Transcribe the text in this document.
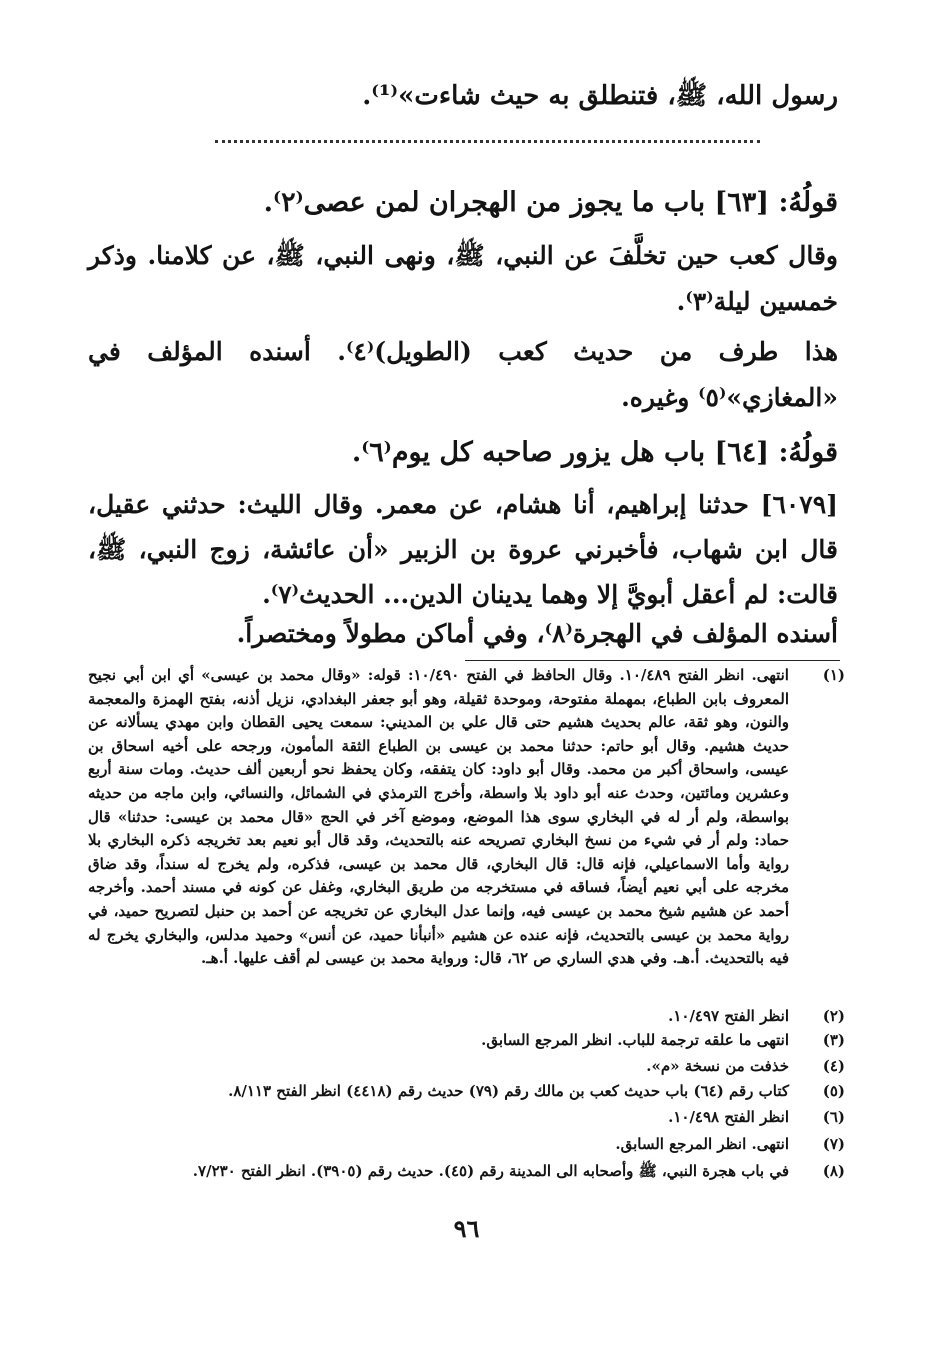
رسول الله، ﷺ، فتنطلق به حيث شاءت»⁽¹⁾.
قولُهُ: [٦٣] باب ما يجوز من الهجران لمن عصى⁽٢⁾.
وقال كعب حين تخلَّفَ عن النبي، ﷺ، ونهى النبي، ﷺ، عن كلامنا. وذكر خمسين ليلة⁽٣⁾.
هذا طرف من حديث كعب (الطويل)⁽٤⁾. أسنده المؤلف في «المغازي»⁽٥⁾ وغيره.
قولُهُ: [٦٤] باب هل يزور صاحبه كل يوم⁽٦⁾.
[٦٠٧٩] حدثنا إبراهيم، أنا هشام، عن معمر. وقال الليث: حدثني عقيل، قال ابن شهاب، فأخبرني عروة بن الزبير «أن عائشة، زوج النبي، ﷺ، قالت: لم أعقل أبويَّ إلا وهما يدينان الدين... الحديث⁽٧⁾.
أسنده المؤلف في الهجرة⁽٨⁾، وفي أماكن مطولاً ومختصراً.
(١)
انتهى. انظر الفتح ١٠/٤٨٩. وقال الحافظ في الفتح ١٠/٤٩٠: قوله: «وقال محمد بن عيسى» أي ابن أبي نجيح المعروف بابن الطباع، بمهملة مفتوحة، وموحدة ثقيلة، وهو أبو جعفر البغدادي، نزيل أذنه، بفتح الهمزة والمعجمة والنون، وهو ثقة، عالم بحديث هشيم حتى قال علي بن المديني: سمعت يحيى القطان وابن مهدي يسألانه عن حديث هشيم. وقال أبو حاتم: حدثنا محمد بن عيسى بن الطباع الثقة المأمون، ورجحه على أخيه اسحاق بن عيسى، واسحاق أكبر من محمد. وقال أبو داود: كان يتفقه، وكان يحفظ نحو أربعين ألف حديث. ومات سنة أربع وعشرين ومائتين، وحدث عنه أبو داود بلا واسطة، وأخرج الترمذي في الشمائل، والنسائي، وابن ماجه من حديثه بواسطة، ولم أر له في البخاري سوى هذا الموضع، وموضع آخر في الحج «قال محمد بن عيسى: حدثنا» قال حماد: ولم أر في شيء من نسخ البخاري تصريحه عنه بالتحديث، وقد قال أبو نعيم بعد تخريجه ذكره البخاري بلا رواية وأما الاسماعيلي، فإنه قال: قال البخاري، قال محمد بن عيسى، فذكره، ولم يخرج له سنداً، وقد ضاق مخرجه على أبي نعيم أيضاً، فساقه في مستخرجه من طريق البخاري، وغفل عن كونه في مسند أحمد. وأخرجه أحمد عن هشيم شيخ محمد بن عيسى فيه، وإنما عدل البخاري عن تخريجه عن أحمد بن حنبل لتصريح حميد، في رواية محمد بن عيسى بالتحديث، فإنه عنده عن هشيم «أنبأنا حميد، عن أنس» وحميد مدلس، والبخاري يخرج له فيه بالتحديث. أ.هـ. وفي هدي الساري ص ٦٢، قال: ورواية محمد بن عيسى لم أقف عليها. أ.هـ.
(٢)
انظر الفتح ١٠/٤٩٧.
(٣)
انتهى ما علقه ترجمة للباب. انظر المرجع السابق.
(٤)
خذفت من نسخة «م».
(٥)
كتاب رقم (٦٤) باب حديث كعب بن مالك رقم (٧٩) حديث رقم (٤٤١٨) انظر الفتح ٨/١١٣.
(٦)
انظر الفتح ١٠/٤٩٨.
(٧)
انتهى. انظر المرجع السابق.
(٨)
في باب هجرة النبي، ﷺ وأصحابه الى المدينة رقم (٤٥). حديث رقم (٣٩٠٥). انظر الفتح ٧/٢٣٠.
٩٦
